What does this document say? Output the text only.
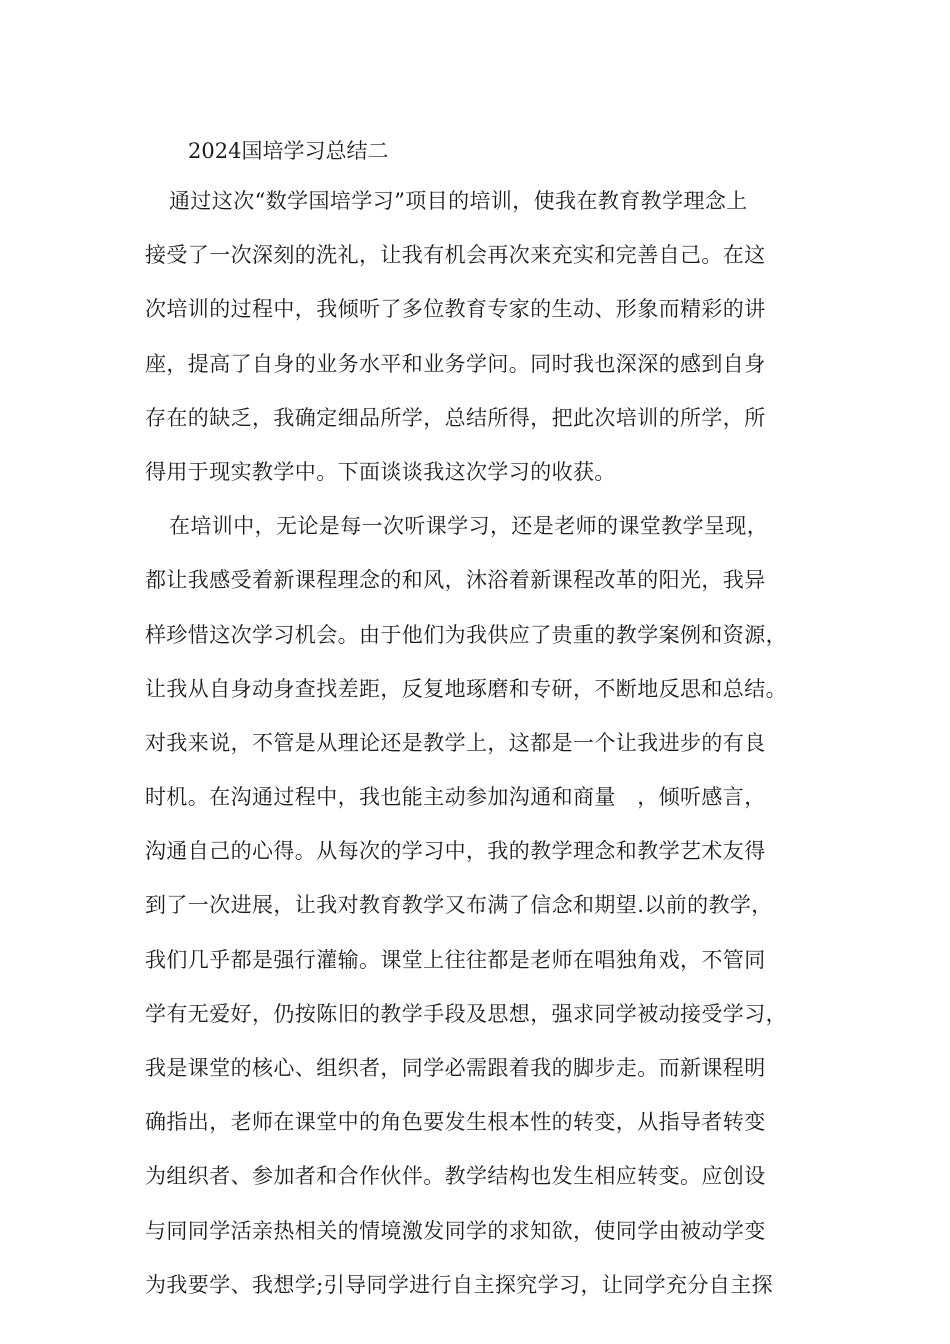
2024国培学习总结二
通过这次“数学国培学习”项目的培训，使我在教育教学理念上
接受了一次深刻的洗礼，让我有机会再次来充实和完善自己。在这
次培训的过程中，我倾听了多位教育专家的生动、形象而精彩的讲
座，提高了自身的业务水平和业务学问。同时我也深深的感到自身
存在的缺乏，我确定细品所学，总结所得，把此次培训的所学，所
得用于现实教学中。下面谈谈我这次学习的收获。
在培训中，无论是每一次听课学习，还是老师的课堂教学呈现，
都让我感受着新课程理念的和风，沐浴着新课程改革的阳光，我异
样珍惜这次学习机会。由于他们为我供应了贵重的教学案例和资源，
让我从自身动身查找差距，反复地琢磨和专研，不断地反思和总结。
对我来说，不管是从理论还是教学上，这都是一个让我进步的有良
时机。在沟通过程中，我也能主动参加沟通和商量　，倾听感言，
沟通自己的心得。从每次的学习中，我的教学理念和教学艺术友得
到了一次进展，让我对教育教学又布满了信念和期望.以前的教学，
我们几乎都是强行灌输。课堂上往往都是老师在唱独角戏，不管同
学有无爱好，仍按陈旧的教学手段及思想，强求同学被动接受学习，
我是课堂的核心、组织者，同学必需跟着我的脚步走。而新课程明
确指出，老师在课堂中的角色要发生根本性的转变，从指导者转变
为组织者、参加者和合作伙伴。教学结构也发生相应转变。应创设
与同同学活亲热相关的情境激发同学的求知欲，使同学由被动学变
为我要学、我想学;引导同学进行自主探究学习，让同学充分自主探
